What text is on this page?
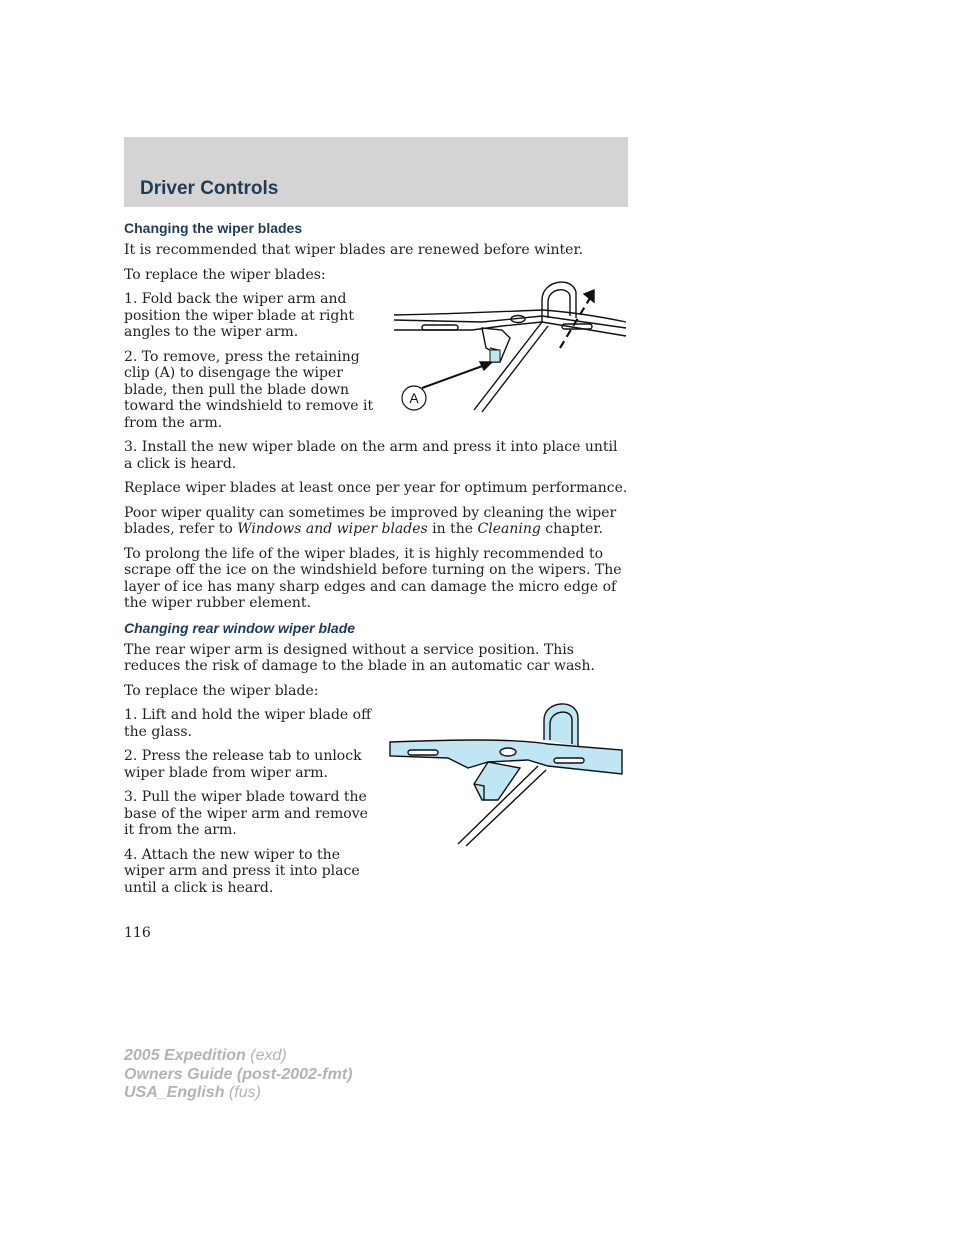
Driver Controls
Changing the wiper blades

It is recommended that wiper blades are renewed before winter.

To replace the wiper blades:

1. Fold back the wiper arm and position the wiper blade at right angles to the wiper arm.

2. To remove, press the retaining clip (A) to disengage the wiper blade, then pull the blade down toward the windshield to remove it from the arm.

3. Install the new wiper blade on the arm and press it into place until a click is heard.

Replace wiper blades at least once per year for optimum performance.

Poor wiper quality can sometimes be improved by cleaning the wiper blades, refer to Windows and wiper blades in the Cleaning chapter.

To prolong the life of the wiper blades, it is highly recommended to scrape off the ice on the windshield before turning on the wipers. The layer of ice has many sharp edges and can damage the micro edge of the wiper rubber element.

Changing rear window wiper blade

The rear wiper arm is designed without a service position. This reduces the risk of damage to the blade in an automatic car wash.

To replace the wiper blade:

1. Lift and hold the wiper blade off the glass.

2. Press the release tab to unlock wiper blade from wiper arm.

3. Pull the wiper blade toward the base of the wiper arm and remove it from the arm.

4. Attach the new wiper to the wiper arm and press it into place until a click is heard.

A
116
2005 Expedition (exd)
Owners Guide (post-2002-fmt)
USA_English (fus)
